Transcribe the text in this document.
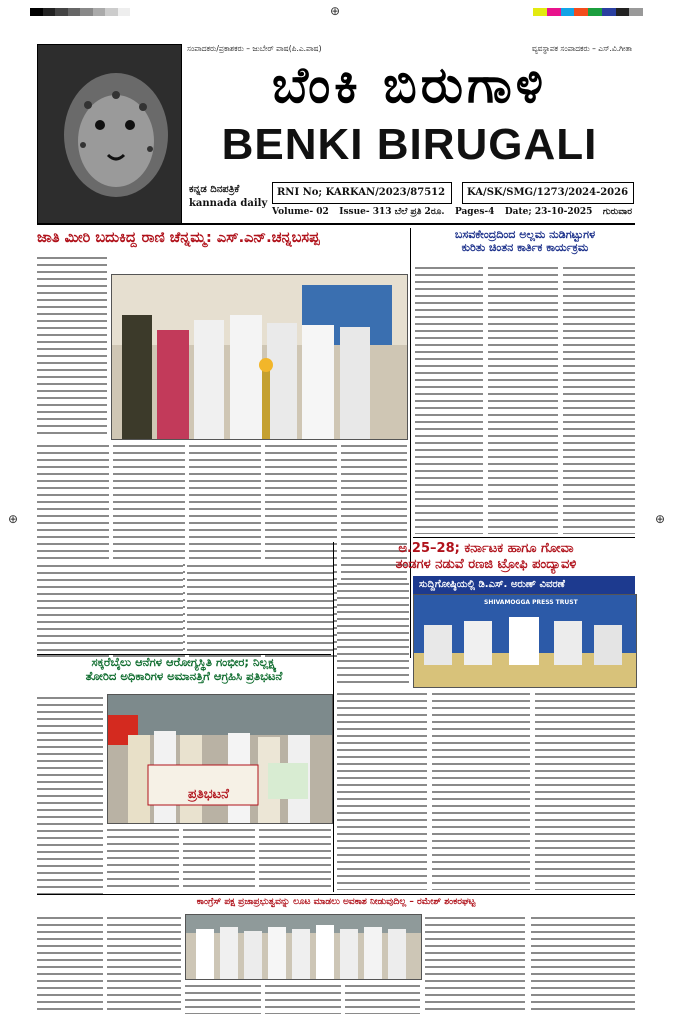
⊕
⊕	⊕
ಸಂಪಾದಕರು/ಪ್ರಕಾಶಕರು – ಜುಬೇರ್ ಪಾಷ(ಪಿ.ಎ.ಪಾಷ)	ವ್ಯವಸ್ಥಾಪಕ ಸಂಪಾದಕರು – ಎಸ್.ವಿ.ಗೀತಾ
ಬೆಂಕಿ ಬಿರುಗಾಳಿ
BENKI BIRUGALI
ಕನ್ನಡ ದಿನಪತ್ರಿಕೆ
kannada daily
RNI No; KARKAN/2023/87512	KA/SK/SMG/1273/2024-2026
Volume- 02 Issue- 313 ಬೆಲೆ ಪ್ರತಿ 2ರೂ. Pages-4 Date; 23-10-2025 ಗುರುವಾರ
ಜಾತಿ ಮೀರಿ ಬದುಕಿದ್ದ ರಾಣಿ ಚೆನ್ನಮ್ಮ: ಎಸ್.ಎನ್.ಚನ್ನಬಸಪ್ಪ	ಬಸವಕೇಂದ್ರದಿಂದ ಅಲ್ಲಮ ನುಡಿಗಟ್ಟುಗಳ
ಕುರಿತು ಚಿಂತನ ಕಾರ್ತಿಕ ಕಾರ್ಯಕ್ರಮ
ಅ.25–28; ಕರ್ನಾಟಕ ಹಾಗೂ ಗೋವಾ
ತಂಡಗಳ ನಡುವೆ ರಣಜಿ ಟ್ರೋಫಿ ಪಂದ್ಯಾವಳಿ
ಸುದ್ದಿಗೋಷ್ಠಿಯಲ್ಲಿ ಡಿ.ಎಸ್. ಅರುಣ್ ವಿವರಣೆ
SHIVAMOGGA PRESS TRUST
ಸಕ್ಕರೆಬೈಲು ಆನೆಗಳ ಆರೋಗ್ಯಸ್ಥಿತಿ ಗಂಭೀರ; ನಿಲ್ಲಕ್ಷ್ಯ
ತೋರಿದ ಅಧಿಕಾರಿಗಳ ಅಮಾನತ್ತಿಗೆ ಆಗ್ರಹಿಸಿ ಪ್ರತಿಭಟನೆ
ಪ್ರತಿಭಟನೆ
ಕಾಂಗ್ರೆಸ್ ಪಕ್ಷ ಪ್ರಜಾಪ್ರಭುತ್ವವನ್ನು ಲೂಟ ಮಾಡಲು ಅವಕಾಶ ನೀಡುವುದಿಲ್ಲ – ರಮೇಶ್ ಶಂಕರಘಟ್ಟ
